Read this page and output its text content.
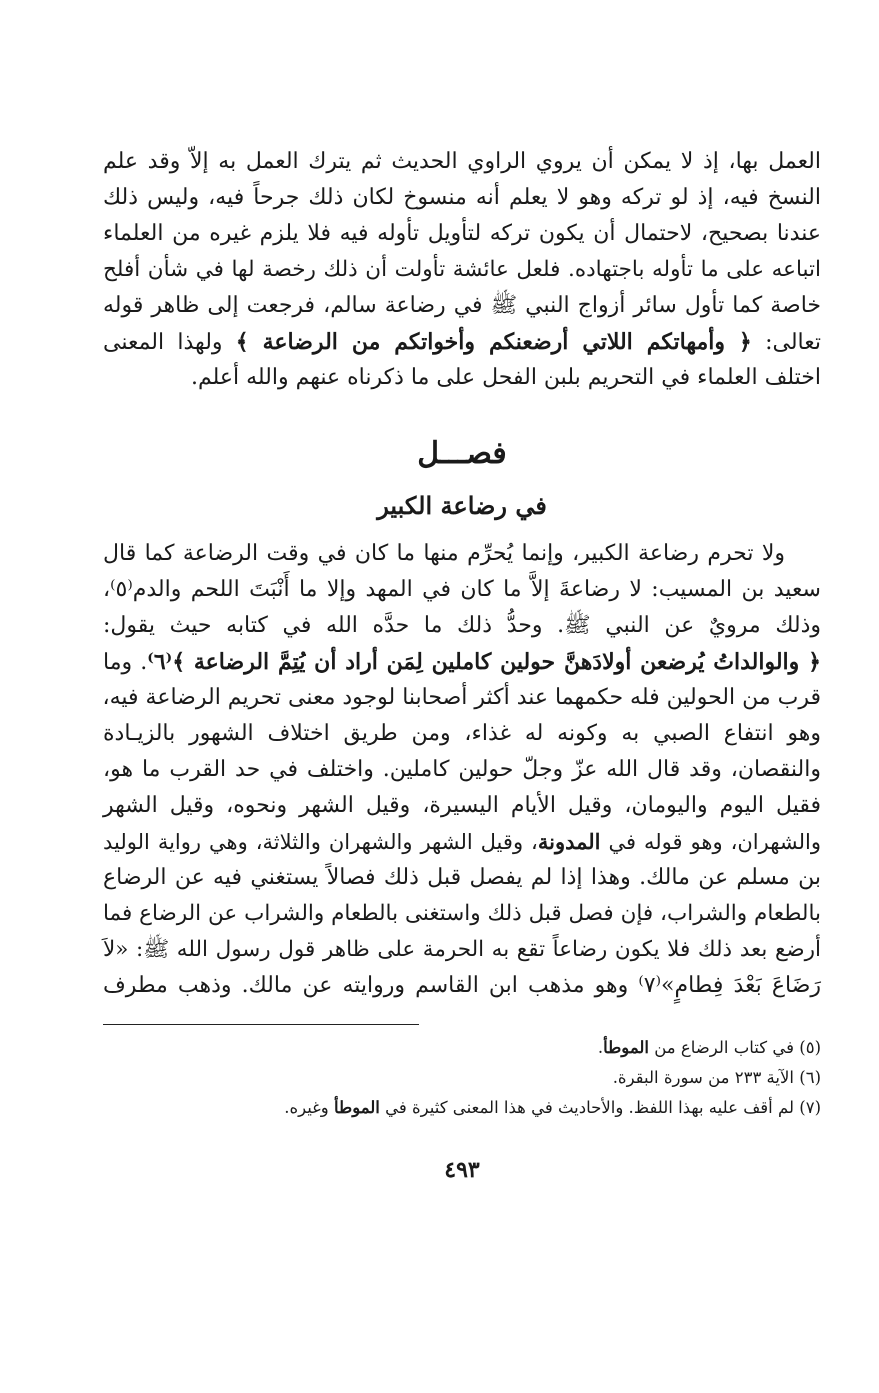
العمل بها، إذ لا يمكن أن يروي الراوي الحديث ثم يترك العمل به إلاّ وقد علم
النسخ فيه، إذ لو تركه وهو لا يعلم أنه منسوخ لكان ذلك جرحاً فيه، وليس ذلك
عندنا بصحيح، لاحتمال أن يكون تركه لتأويل تأوله فيه فلا يلزم غيره من العلماء
اتباعه على ما تأوله باجتهاده. فلعل عائشة تأولت أن ذلك رخصة لها في شأن أفلح
خاصة كما تأول سائر أزواج النبي ﷺ في رضاعة سالم، فرجعت إلى ظاهر قوله
تعالى: ﴿ وأمهاتكم اللاتي أرضعنكم وأخواتكم من الرضاعة ﴾ ولهذا المعنى
اختلف العلماء في التحريم بلبن الفحل على ما ذكرناه عنهم والله أعلم.
فصـــل
في رضاعة الكبير
ولا تحرم رضاعة الكبير، وإنما يُحرِّم منها ما كان في وقت الرضاعة كما قال
سعيد بن المسيب: لا رضاعةَ إلاَّ ما كان في المهد وإلا ما أَنْبَتَ اللحم والدم⁽٥⁾،
وذلك مرويٌ عن النبي ﷺ. وحدُّ ذلك ما حدَّه الله في كتابه حيث يقول:
﴿ والوالداتُ يُرضعن أولادَهنَّ حولين كاملين لِمَن أراد أن يُتِمَّ الرضاعة ﴾⁽٦⁾. وما
قرب من الحولين فله حكمهما عند أكثر أصحابنا لوجود معنى تحريم الرضاعة فيه،
وهو انتفاع الصبي به وكونه له غذاء، ومن طريق اختلاف الشهور بالزيـادة
والنقصان، وقد قال الله عزّ وجلّ حولين كاملين. واختلف في حد القرب ما هو،
فقيل اليوم واليومان، وقيل الأيام اليسيرة، وقيل الشهر ونحوه، وقيل الشهر
والشهران، وهو قوله في المدونة، وقيل الشهر والشهران والثلاثة، وهي رواية الوليد
بن مسلم عن مالك. وهذا إذا لم يفصل قبل ذلك فصالاً يستغني فيه عن الرضاع
بالطعام والشراب، فإن فصل قبل ذلك واستغنى بالطعام والشراب عن الرضاع فما
أرضع بعد ذلك فلا يكون رضاعاً تقع به الحرمة على ظاهر قول رسول الله ﷺ: «لاَ
رَضَاعَ بَعْدَ فِطامٍ»⁽٧⁾ وهو مذهب ابن القاسم وروايته عن مالك. وذهب مطرف
(٥) في كتاب الرضاع من الموطأ.
(٦) الآية ٢٣٣ من سورة البقرة.
(٧) لم أقف عليه بهذا اللفظ. والأحاديث في هذا المعنى كثيرة في الموطأ وغيره.
٤٩٣
